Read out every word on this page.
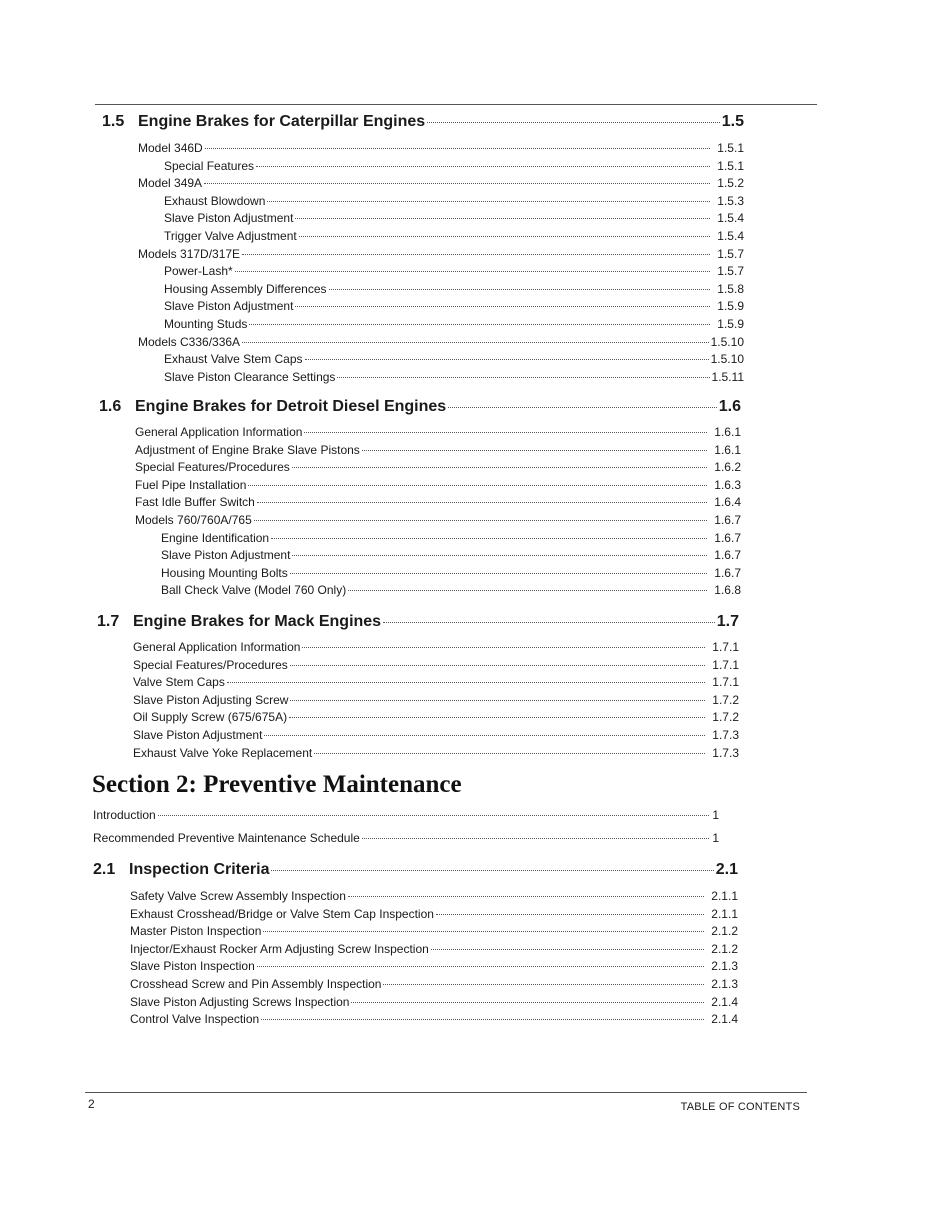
1.5 Engine Brakes for Caterpillar Engines	1.5
Model 346D	1.5.1
Special Features	1.5.1
Model 349A	1.5.2
Exhaust Blowdown	1.5.3
Slave Piston Adjustment	1.5.4
Trigger Valve Adjustment	1.5.4
Models 317D/317E	1.5.7
Power-Lash*	1.5.7
Housing Assembly Differences	1.5.8
Slave Piston Adjustment	1.5.9
Mounting Studs	1.5.9
Models C336/336A	1.5.10
Exhaust Valve Stem Caps	1.5.10
Slave Piston Clearance Settings	1.5.11
1.6 Engine Brakes for Detroit Diesel Engines	1.6
General Application Information	1.6.1
Adjustment of Engine Brake Slave Pistons	1.6.1
Special Features/Procedures	1.6.2
Fuel Pipe Installation	1.6.3
Fast Idle Buffer Switch	1.6.4
Models 760/760A/765	1.6.7
Engine Identification	1.6.7
Slave Piston Adjustment	1.6.7
Housing Mounting Bolts	1.6.7
Ball Check Valve (Model 760 Only)	1.6.8
1.7 Engine Brakes for Mack Engines	1.7
General Application Information	1.7.1
Special Features/Procedures	1.7.1
Valve Stem Caps	1.7.1
Slave Piston Adjusting Screw	1.7.2
Oil Supply Screw (675/675A)	1.7.2
Slave Piston Adjustment	1.7.3
Exhaust Valve Yoke Replacement	1.7.3
Section 2: Preventive Maintenance
Introduction	1
Recommended Preventive Maintenance Schedule	1
2.1 Inspection Criteria	2.1
Safety Valve Screw Assembly Inspection	2.1.1
Exhaust Crosshead/Bridge or Valve Stem Cap Inspection	2.1.1
Master Piston Inspection	2.1.2
Injector/Exhaust Rocker Arm Adjusting Screw Inspection	2.1.2
Slave Piston Inspection	2.1.3
Crosshead Screw and Pin Assembly Inspection	2.1.3
Slave Piston Adjusting Screws Inspection	2.1.4
Control Valve Inspection	2.1.4
2	TABLE OF CONTENTS
